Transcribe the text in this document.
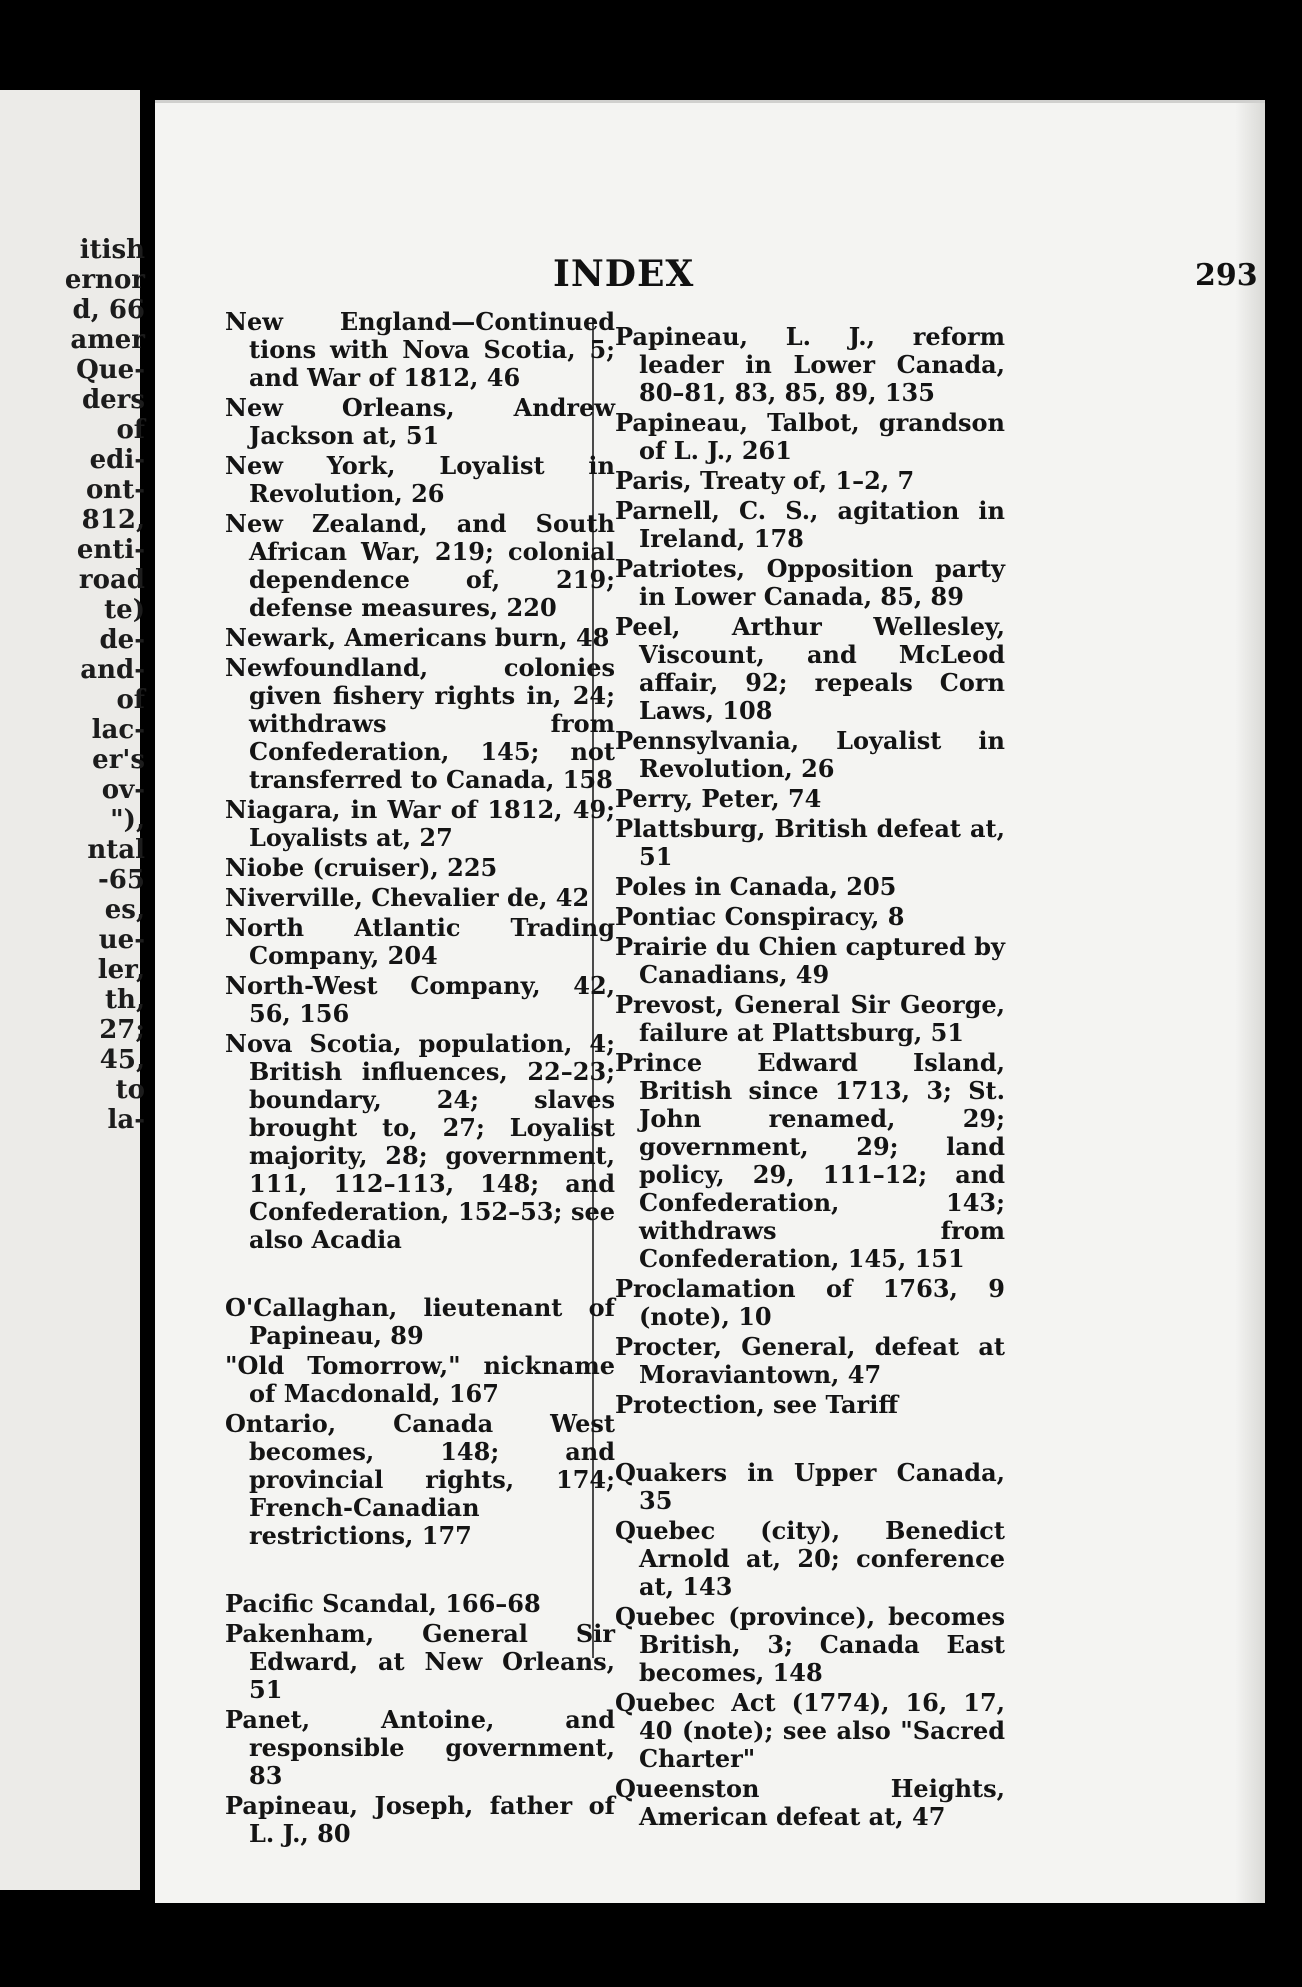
itish
ernor
d, 66
amer
Que-
ders
of
edi-
ont-
812,
enti-
road
te)
de-
and-
of
lac-
er's
ov-
"),
ntal
-65
es,
ue-
ler,
th,
27;
45,
to
la-
INDEX	293

New England—Continued tions with Nova Scotia, 5; and War of 1812, 46

New Orleans, Andrew Jackson at, 51

New York, Loyalist in Revolution, 26

New Zealand, and South African War, 219; colonial dependence of, 219; defense measures, 220

Newark, Americans burn, 48

Newfoundland, colonies given fishery rights in, 24; withdraws from Confederation, 145; not transferred to Canada, 158

Niagara, in War of 1812, 49; Loyalists at, 27

Niobe (cruiser), 225

Niverville, Chevalier de, 42

North Atlantic Trading Company, 204

North-West Company, 42, 56, 156

Nova Scotia, population, 4; British influences, 22–23; boundary, 24; slaves brought to, 27; Loyalist majority, 28; government, 111, 112–113, 148; and Confederation, 152–53; see also Acadia

O'Callaghan, lieutenant of Papineau, 89

"Old Tomorrow," nickname of Macdonald, 167

Ontario, Canada West becomes, 148; and provincial rights, 174; French-Canadian restrictions, 177

Pacific Scandal, 166–68

Pakenham, General Sir Edward, at New Orleans, 51

Panet, Antoine, and responsible government, 83

Papineau, Joseph, father of L. J., 80

Papineau, L. J., reform leader in Lower Canada, 80–81, 83, 85, 89, 135

Papineau, Talbot, grandson of L. J., 261

Paris, Treaty of, 1–2, 7

Parnell, C. S., agitation in Ireland, 178

Patriotes, Opposition party in Lower Canada, 85, 89

Peel, Arthur Wellesley, Viscount, and McLeod affair, 92; repeals Corn Laws, 108

Pennsylvania, Loyalist in Revolution, 26

Perry, Peter, 74

Plattsburg, British defeat at, 51

Poles in Canada, 205

Pontiac Conspiracy, 8

Prairie du Chien captured by Canadians, 49

Prevost, General Sir George, failure at Plattsburg, 51

Prince Edward Island, British since 1713, 3; St. John renamed, 29; government, 29; land policy, 29, 111–12; and Confederation, 143; withdraws from Confederation, 145, 151

Proclamation of 1763, 9 (note), 10

Procter, General, defeat at Moraviantown, 47

Protection, see Tariff

Quakers in Upper Canada, 35

Quebec (city), Benedict Arnold at, 20; conference at, 143

Quebec (province), becomes British, 3; Canada East becomes, 148

Quebec Act (1774), 16, 17, 40 (note); see also "Sacred Charter"

Queenston Heights, American defeat at, 47
